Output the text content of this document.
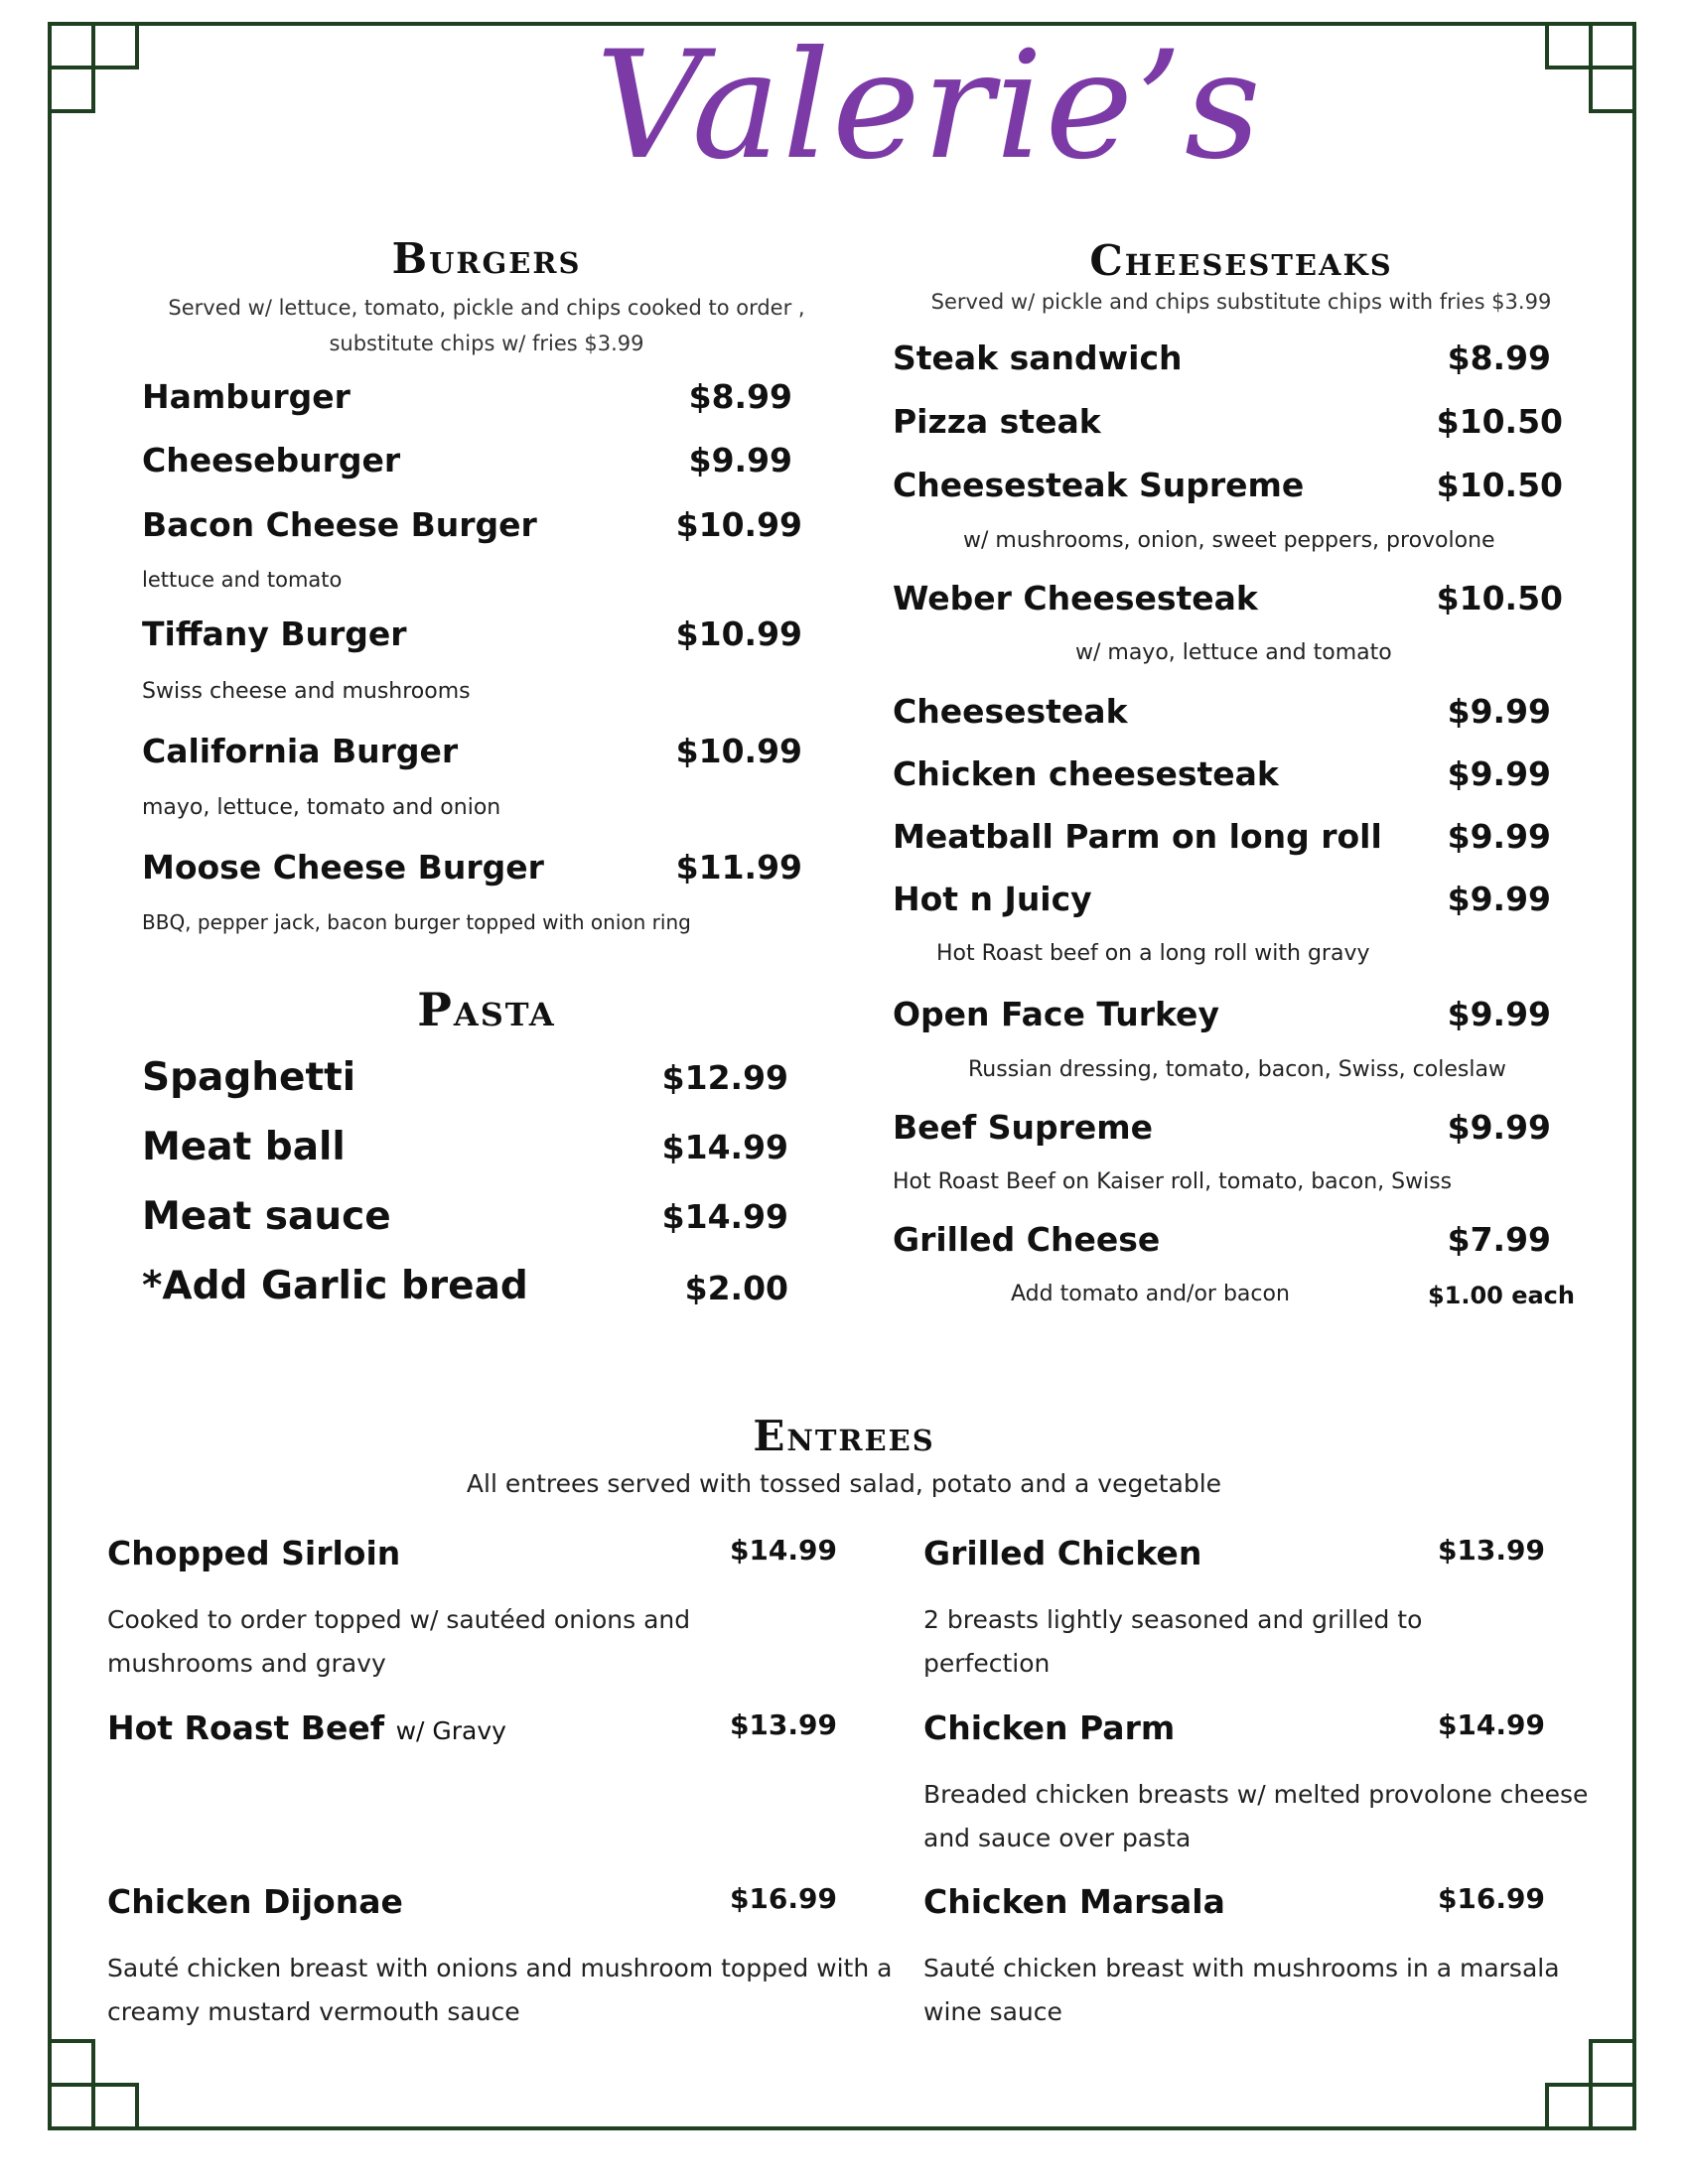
Valerie’s
Burgers
Served w/ lettuce, tomato, pickle and chips cooked to order , substitute chips w/ fries $3.99
Hamburger	$8.99
Cheeseburger	$9.99
Bacon Cheese Burger	$10.99
lettuce and tomato
Tiffany Burger	$10.99
Swiss cheese and mushrooms
California Burger	$10.99
mayo, lettuce, tomato and onion
Moose Cheese Burger	$11.99
BBQ, pepper jack, bacon burger topped with onion ring
Pasta
Spaghetti	$12.99
Meat ball	$14.99
Meat sauce	$14.99
*Add Garlic bread	$2.00
Cheesesteaks
Served w/ pickle and chips substitute chips with fries $3.99
Steak sandwich	$8.99
Pizza steak	$10.50
Cheesesteak Supreme	$10.50
w/ mushrooms, onion, sweet peppers, provolone
Weber Cheesesteak	$10.50
w/ mayo, lettuce and tomato
Cheesesteak	$9.99
Chicken cheesesteak	$9.99
Meatball Parm on long roll	$9.99
Hot n Juicy	$9.99
Hot Roast beef on a long roll with gravy
Open Face Turkey	$9.99
Russian dressing, tomato, bacon, Swiss, coleslaw
Beef Supreme	$9.99
Hot Roast Beef on Kaiser roll, tomato, bacon, Swiss
Grilled Cheese	$7.99
Add tomato and/or bacon	$1.00 each
Entrees
All entrees served with tossed salad, potato and a vegetable
Chopped Sirloin	$14.99
Cooked to order topped w/ sautéed onions and mushrooms and gravy
Hot Roast Beef w/ Gravy	$13.99
Chicken Dijonae	$16.99
Sauté chicken breast with onions and mushroom topped with a creamy mustard vermouth sauce
Grilled Chicken	$13.99
2 breasts lightly seasoned and grilled to perfection
Chicken Parm	$14.99
Breaded chicken breasts w/ melted provolone cheese and sauce over pasta
Chicken Marsala	$16.99
Sauté chicken breast with mushrooms in a marsala wine sauce
